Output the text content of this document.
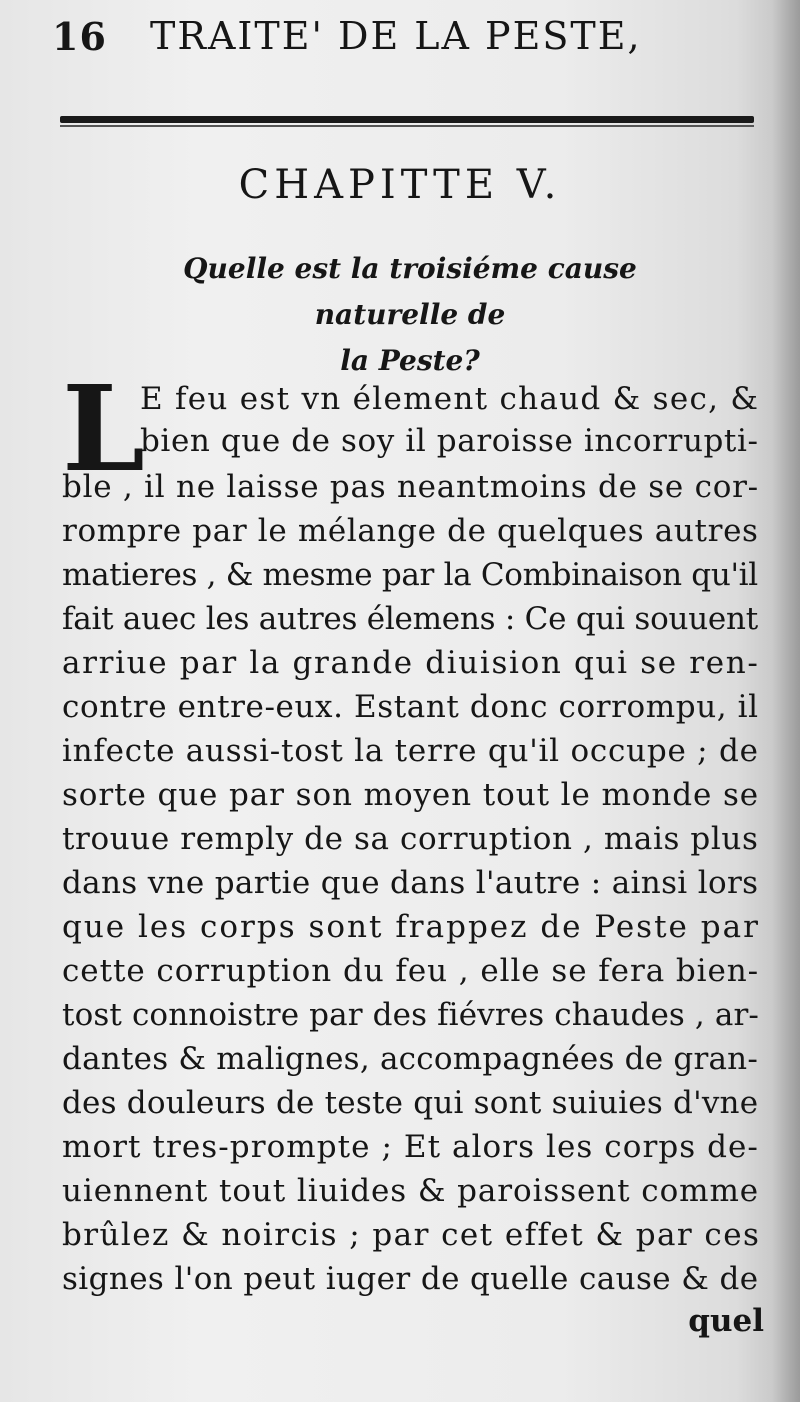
16 TRAITE' DE LA PESTE,
CHAPITTE V.
Quelle est la troisiéme cause naturelle de
la Peste?
L
E feu est vn élement chaud & sec, &
bien que de soy il paroisse incorrupti-
ble , il ne laisse pas neantmoins de se cor-
rompre par le mélange de quelques autres
matieres , & mesme par la Combinaison qu'il
fait auec les autres élemens : Ce qui souuent
arriue par la grande diuision qui se ren-
contre entre-eux. Estant donc corrompu, il
infecte aussi-tost la terre qu'il occupe ; de
sorte que par son moyen tout le monde se
trouue remply de sa corruption , mais plus
dans vne partie que dans l'autre : ainsi lors
que les corps sont frappez de Peste par
cette corruption du feu , elle se fera bien-
tost connoistre par des fiévres chaudes , ar-
dantes & malignes, accompagnées de gran-
des douleurs de teste qui sont suiuies d'vne
mort tres-prompte ; Et alors les corps de-
uiennent tout liuides & paroissent comme
brûlez & noircis ; par cet effet & par ces
signes l'on peut iuger de quelle cause & de
quel
